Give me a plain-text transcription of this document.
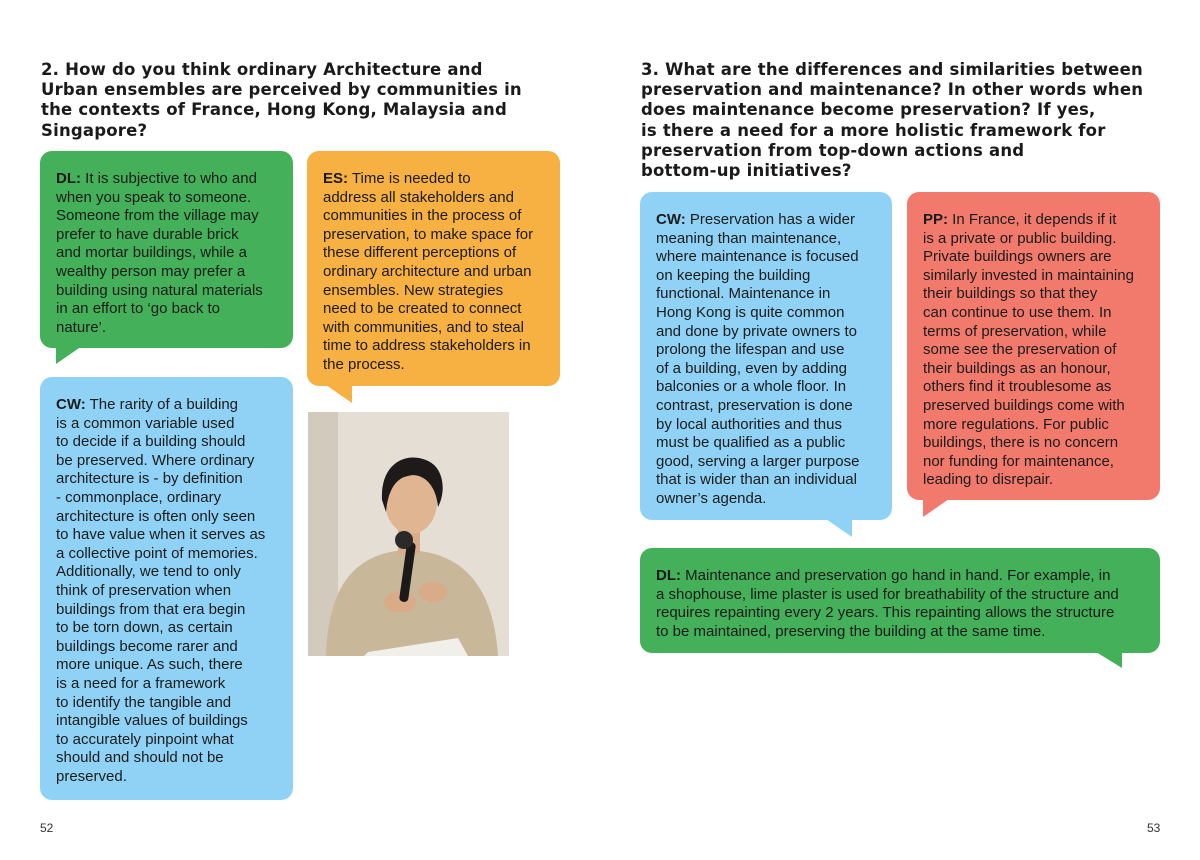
2. How do you think ordinary Architecture and
Urban ensembles are perceived by communities in
the contexts of France, Hong Kong, Malaysia and
Singapore?

DL: It is subjective to who and
when you speak to someone.
Someone from the village may
prefer to have durable brick
and mortar buildings, while a
wealthy person may prefer a
building using natural materials
in an effort to ‘go back to
nature’.

ES: Time is needed to
address all stakeholders and
communities in the process of
preservation, to make space for
these different perceptions of
ordinary architecture and urban
ensembles. New strategies
need to be created to connect
with communities, and to steal
time to address stakeholders in
the process.

CW: The rarity of a building
is a common variable used
to decide if a building should
be preserved. Where ordinary
architecture is - by definition
- commonplace, ordinary
architecture is often only seen
to have value when it serves as
a collective point of memories.
Additionally, we tend to only
think of preservation when
buildings from that era begin
to be torn down, as certain
buildings become rarer and
more unique. As such, there
is a need for a framework
to identify the tangible and
intangible values of buildings
to accurately pinpoint what
should and should not be
preserved.

52
3. What are the differences and similarities between
preservation and maintenance? In other words when
does maintenance become preservation? If yes,
is there a need for a more holistic framework for
preservation from top-down actions and
bottom-up initiatives?

CW: Preservation has a wider
meaning than maintenance,
where maintenance is focused
on keeping the building
functional. Maintenance in
Hong Kong is quite common
and done by private owners to
prolong the lifespan and use
of a building, even by adding
balconies or a whole floor. In
contrast, preservation is done
by local authorities and thus
must be qualified as a public
good, serving a larger purpose
that is wider than an individual
owner’s agenda.

PP: In France, it depends if it
is a private or public building.
Private buildings owners are
similarly invested in maintaining
their buildings so that they
can continue to use them. In
terms of preservation, while
some see the preservation of
their buildings as an honour,
others find it troublesome as
preserved buildings come with
more regulations. For public
buildings, there is no concern
nor funding for maintenance,
leading to disrepair.

DL: Maintenance and preservation go hand in hand. For example, in
a shophouse, lime plaster is used for breathability of the structure and
requires repainting every 2 years. This repainting allows the structure
to be maintained, preserving the building at the same time.

53
